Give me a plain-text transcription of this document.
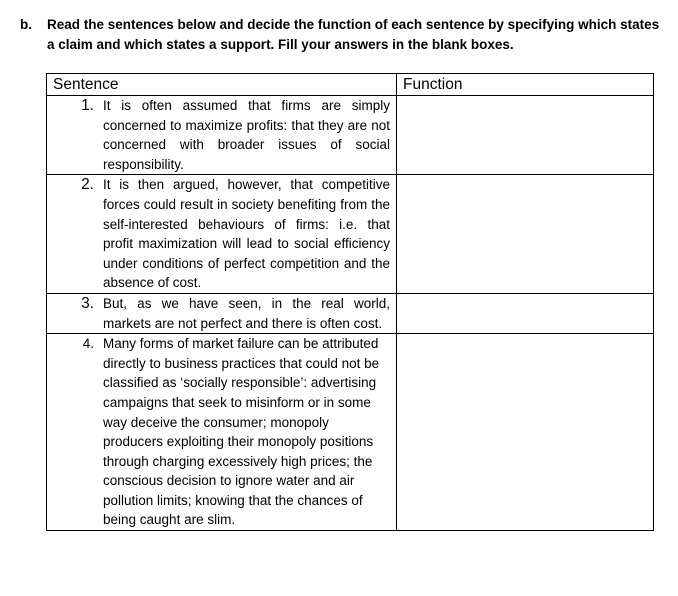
b.	Read the sentences below and decide the function of each sentence by specifying which states a claim and which states a support. Fill your answers in the blank boxes.
Sentence	Function

1. It is often assumed that firms are simply concerned to maximize profits: that they are not concerned with broader issues of social responsibility.	

2. It is then argued, however, that competitive forces could result in society benefiting from the self-interested behaviours of firms: i.e. that profit maximization will lead to social efficiency under conditions of perfect competition and the absence of cost.	

3. But, as we have seen, in the real world, markets are not perfect and there is often cost.	

4. Many forms of market failure can be attributed directly to business practices that could not be classified as ‘socially responsible’: advertising campaigns that seek to misinform or in some way deceive the consumer; monopoly producers exploiting their monopoly positions through charging excessively high prices; the conscious decision to ignore water and air pollution limits; knowing that the chances of being caught are slim.	
